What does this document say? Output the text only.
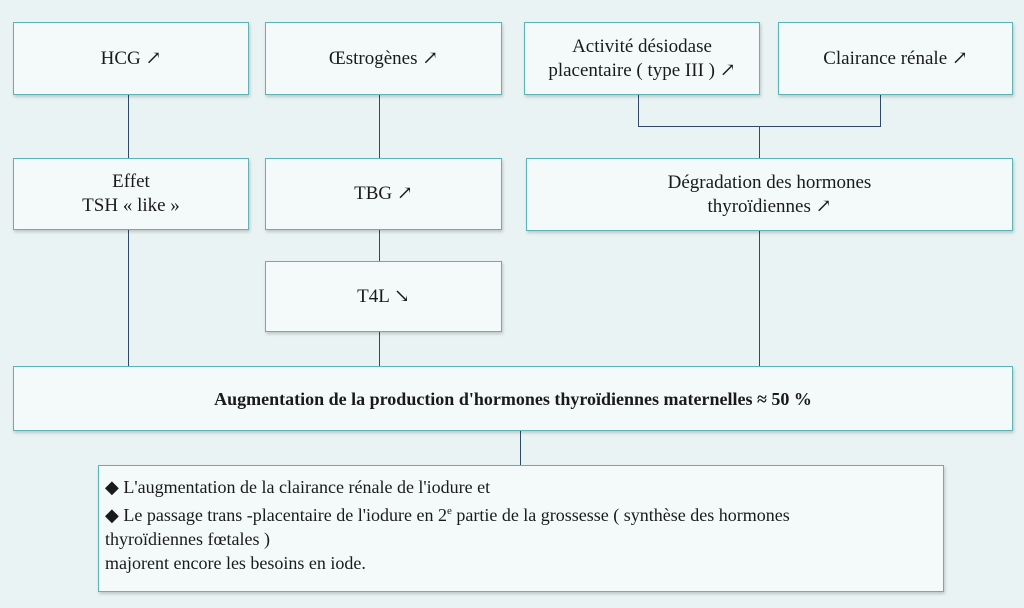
HCG ↗	Œstrogènes ↗
Activité désiodase
placentaire ( type III ) ↗
Clairance rénale ↗
Effet
TSH « like »
TBG ↗
Dégradation des hormones
thyroïdiennes ↗
T4L ↘
Augmentation de la production d'hormones thyroïdiennes maternelles ≈ 50 %

◆ L'augmentation de la clairance rénale de l'iodure et

◆ Le passage trans -placentaire de l'iodure en 2e partie de la grossesse ( synthèse des hormones

thyroïdiennes fœtales )

majorent encore les besoins en iode.
